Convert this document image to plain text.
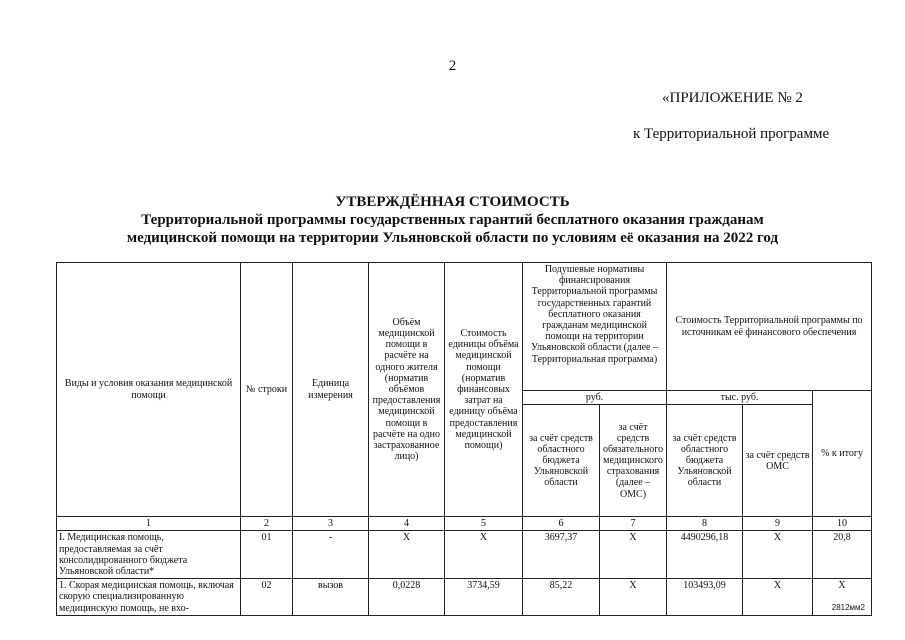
2
«ПРИЛОЖЕНИЕ № 2
к Территориальной программе
УТВЕРЖДЁННАЯ СТОИМОСТЬ
Территориальной программы государственных гарантий бесплатного оказания гражданам
медицинской помощи на территории Ульяновской области по условиям её оказания на 2022 год
Виды и условия оказания медицинской помощи	№ строки	Единица измерения	Объём медицинской помощи в расчёте на одного жителя (норматив объёмов предоставления медицинской помощи в расчёте на одно застрахованное лицо)	Стоимость единицы объёма медицинской помощи (норматив финансовых затрат на единицу объёма предоставления медицинской помощи)	Подушевые нормативы финансирования Территориальной программы государственных гарантий бесплатного оказания гражданам медицинской помощи на территории Ульяновской области (далее – Территориальная программа)		Стоимость Территориальной программы по источникам её финансового обеспечения		
					руб.		тыс. руб.		% к итогу
					за счёт средств областного бюджета Ульяновской области	за счёт средств обязательного медицинского страхования (далее – ОМС)	за счёт средств областного бюджета Ульяновской области	за счёт средств ОМС	
1	2	3	4	5	6	7	8	9	10
I. Медицинская помощь, предоставляемая за счёт консолидированного бюджета Ульяновской области*	01	-	X	X	3697,37	X	4490296,18	X	20,8
1. Скорая медицинская помощь, включая скорую специализированную медицинскую помощь, не вхо-	02	вызов	0,0228	3734,59	85,22	X	103493,09	X	X
2812мм2
